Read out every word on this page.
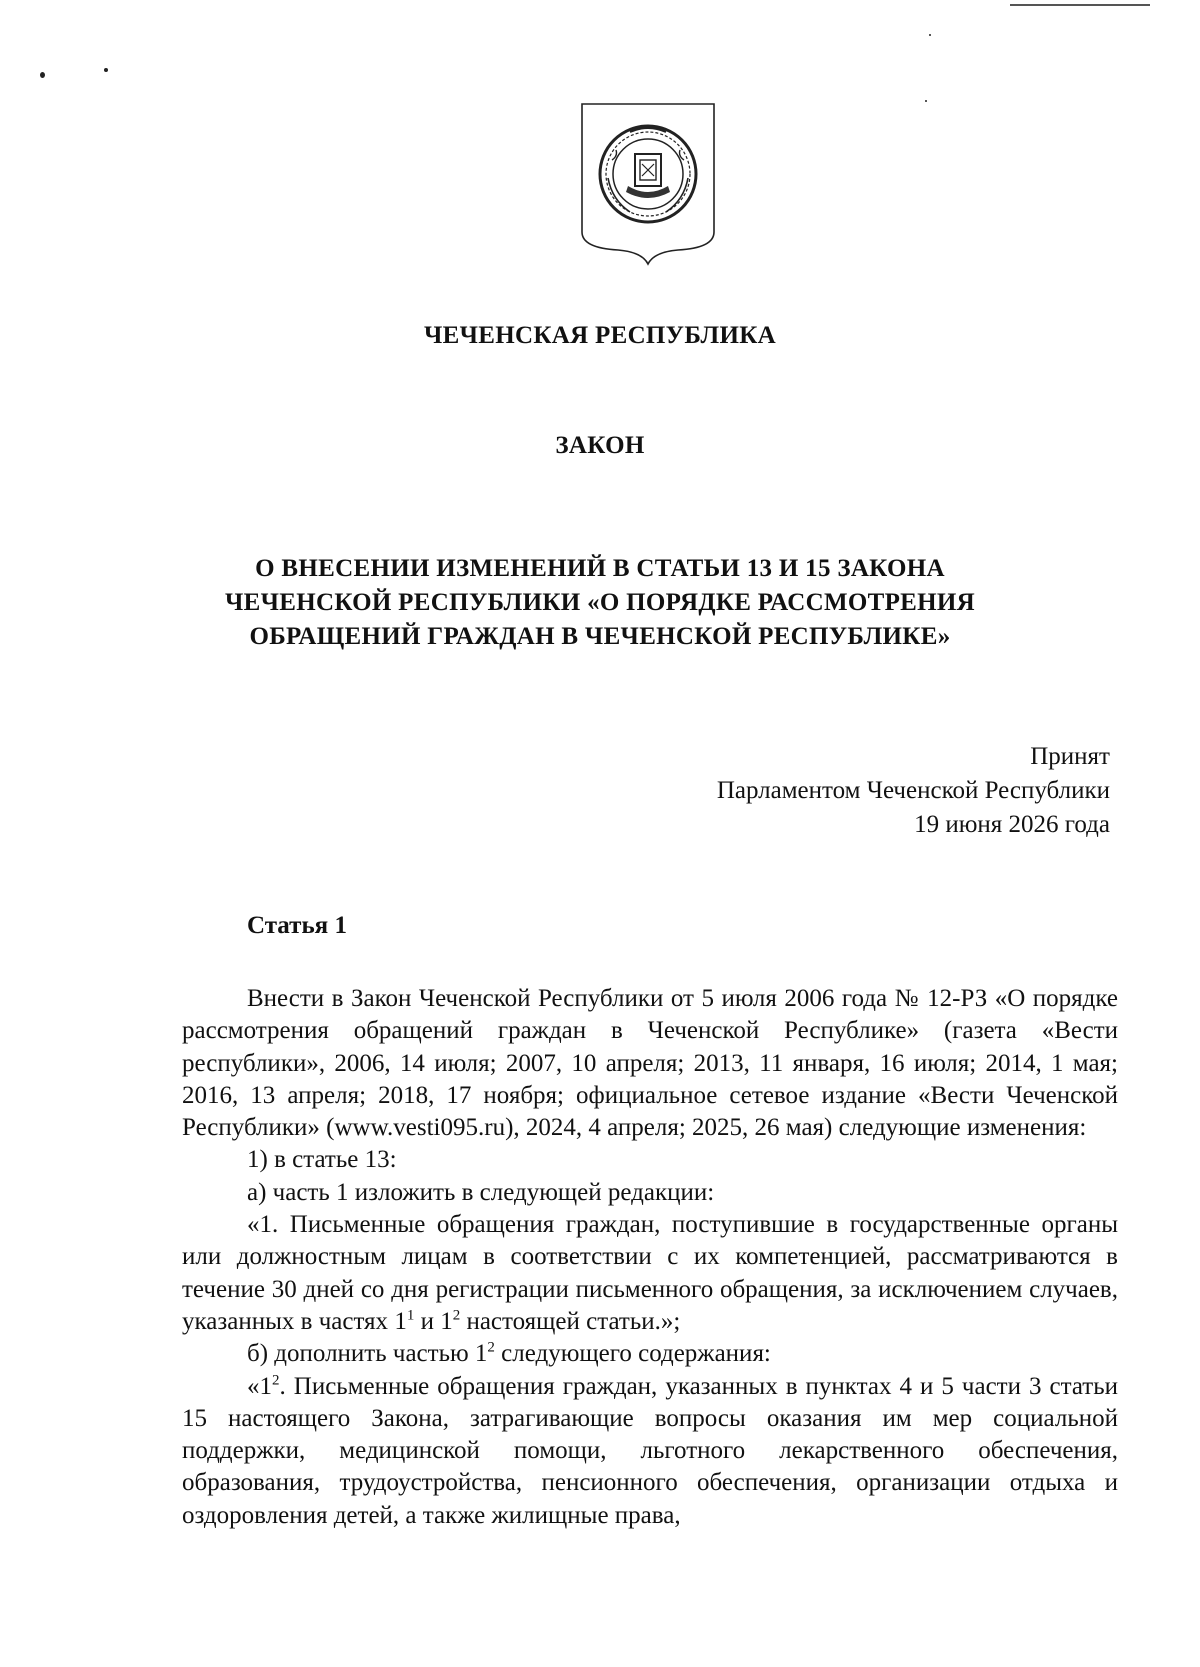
ЧЕЧЕНСКАЯ РЕСПУБЛИКА
ЗАКОН
О ВНЕСЕНИИ ИЗМЕНЕНИЙ В СТАТЬИ 13 И 15 ЗАКОНА
ЧЕЧЕНСКОЙ РЕСПУБЛИКИ «О ПОРЯДКЕ РАССМОТРЕНИЯ
ОБРАЩЕНИЙ ГРАЖДАН В ЧЕЧЕНСКОЙ РЕСПУБЛИКЕ»
Принят
Парламентом Чеченской Республики
19 июня 2026 года
Статья 1

Внести в Закон Чеченской Республики от 5 июля 2006 года № 12-РЗ «О порядке рассмотрения обращений граждан в Чеченской Республике» (газета «Вести республики», 2006, 14 июля; 2007, 10 апреля; 2013, 11 января, 16 июля; 2014, 1 мая; 2016, 13 апреля; 2018, 17 ноября; официальное сетевое издание «Вести Чеченской Республики» (www.vesti095.ru), 2024, 4 апреля; 2025, 26 мая) следующие изменения:

1) в статье 13:

а) часть 1 изложить в следующей редакции:

«1. Письменные обращения граждан, поступившие в государственные органы или должностным лицам в соответствии с их компетенцией, рассматриваются в течение 30 дней со дня регистрации письменного обращения, за исключением случаев, указанных в частях $1^1$ и $1^2$ настоящей статьи.»;

б) дополнить частью $1^2$ следующего содержания:

«$1^2$. Письменные обращения граждан, указанных в пунктах 4 и 5 части 3 статьи 15 настоящего Закона, затрагивающие вопросы оказания им мер социальной поддержки, медицинской помощи, льготного лекарственного обеспечения, образования, трудоустройства, пенсионного обеспечения, организации отдыха и оздоровления детей, а также жилищные права,
